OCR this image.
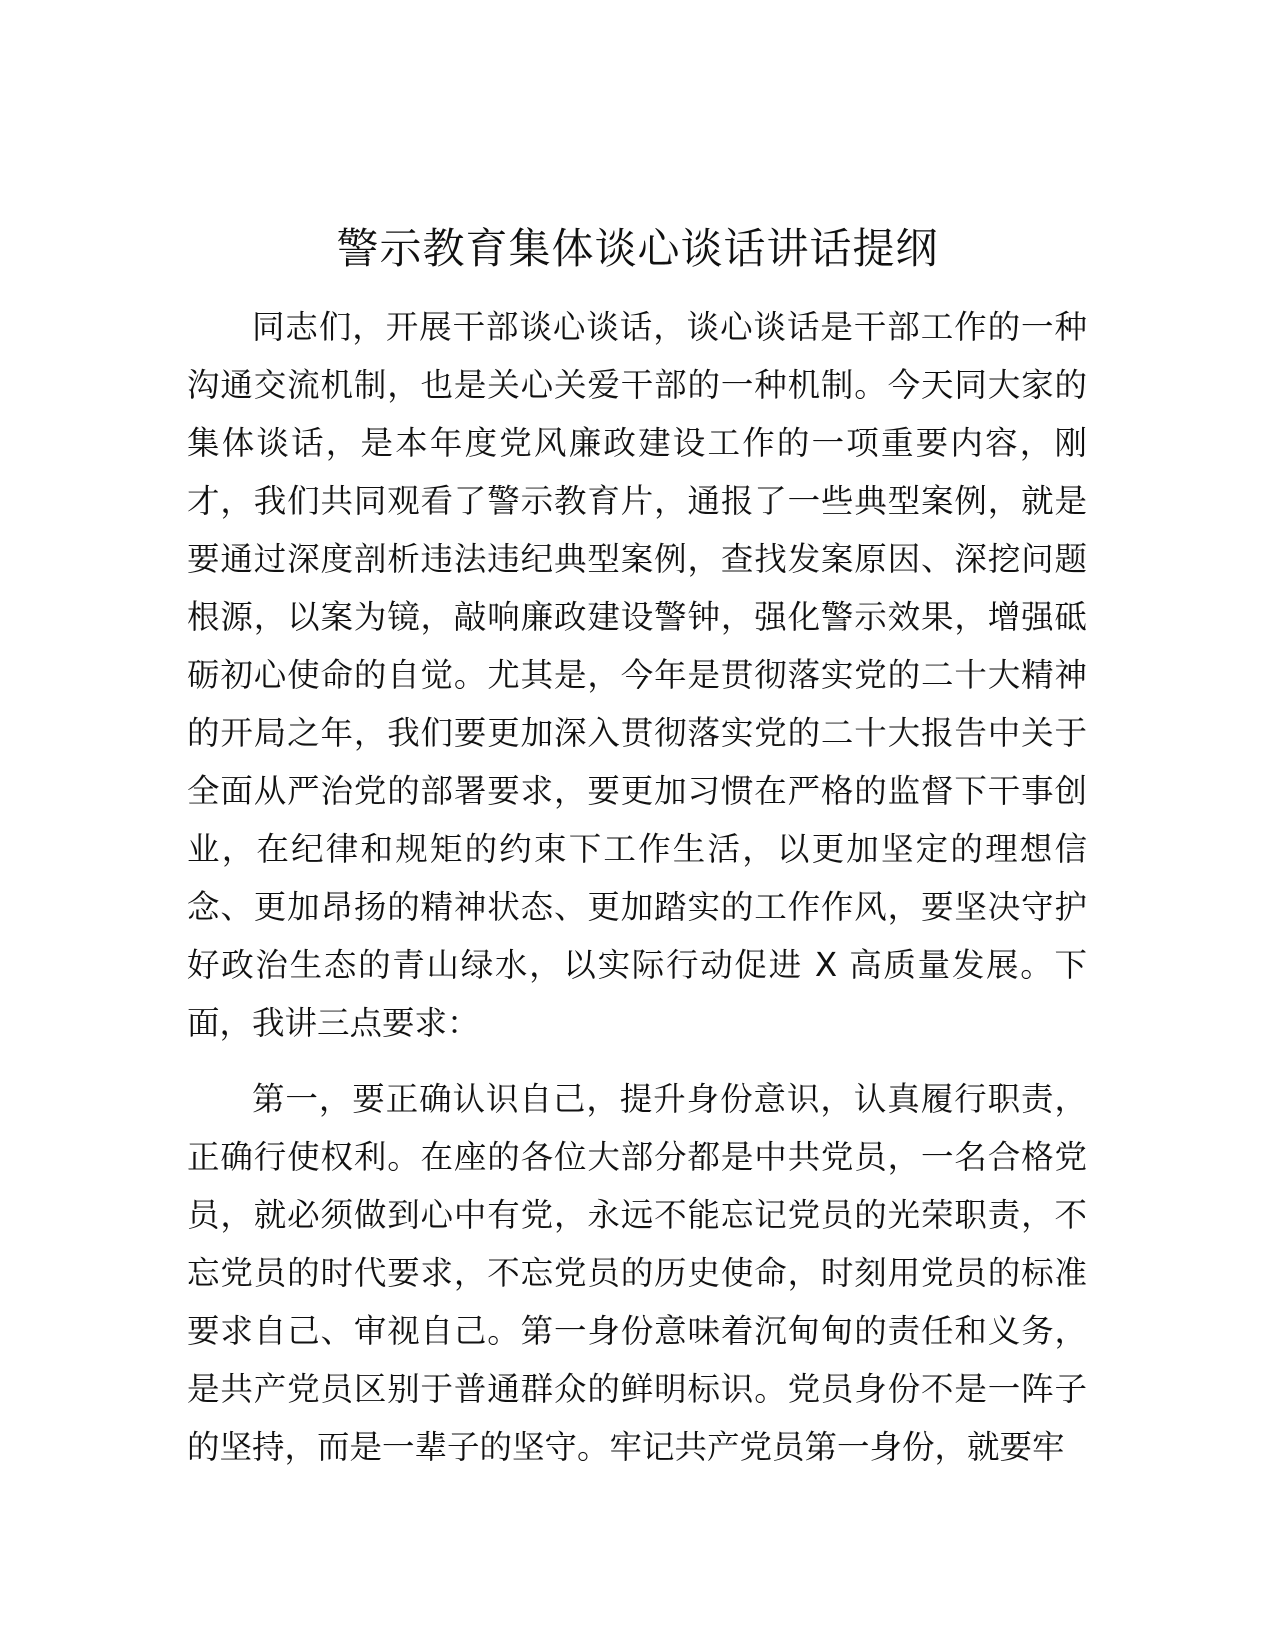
警示教育集体谈心谈话讲话提纲

同志们，开展干部谈心谈话，谈心谈话是干部工作的一种沟通交流机制，也是关心关爱干部的一种机制。今天同大家的集体谈话，是本年度党风廉政建设工作的一项重要内容，刚才，我们共同观看了警示教育片，通报了一些典型案例，就是要通过深度剖析违法违纪典型案例，查找发案原因、深挖问题根源，以案为镜，敲响廉政建设警钟，强化警示效果，增强砥砺初心使命的自觉。尤其是，今年是贯彻落实党的二十大精神的开局之年，我们要更加深入贯彻落实党的二十大报告中关于全面从严治党的部署要求，要更加习惯在严格的监督下干事创业，在纪律和规矩的约束下工作生活，以更加坚定的理想信念、更加昂扬的精神状态、更加踏实的工作作风，要坚决守护好政治生态的青山绿水，以实际行动促进 X 高质量发展。下面，我讲三点要求：

第一，要正确认识自己，提升身份意识，认真履行职责，正确行使权利。在座的各位大部分都是中共党员，一名合格党员，就必须做到心中有党，永远不能忘记党员的光荣职责，不忘党员的时代要求，不忘党员的历史使命，时刻用党员的标准要求自己、审视自己。第一身份意味着沉甸甸的责任和义务，是共产党员区别于普通群众的鲜明标识。党员身份不是一阵子的坚持，而是一辈子的坚守。牢记共产党员第一身份，就要牢
